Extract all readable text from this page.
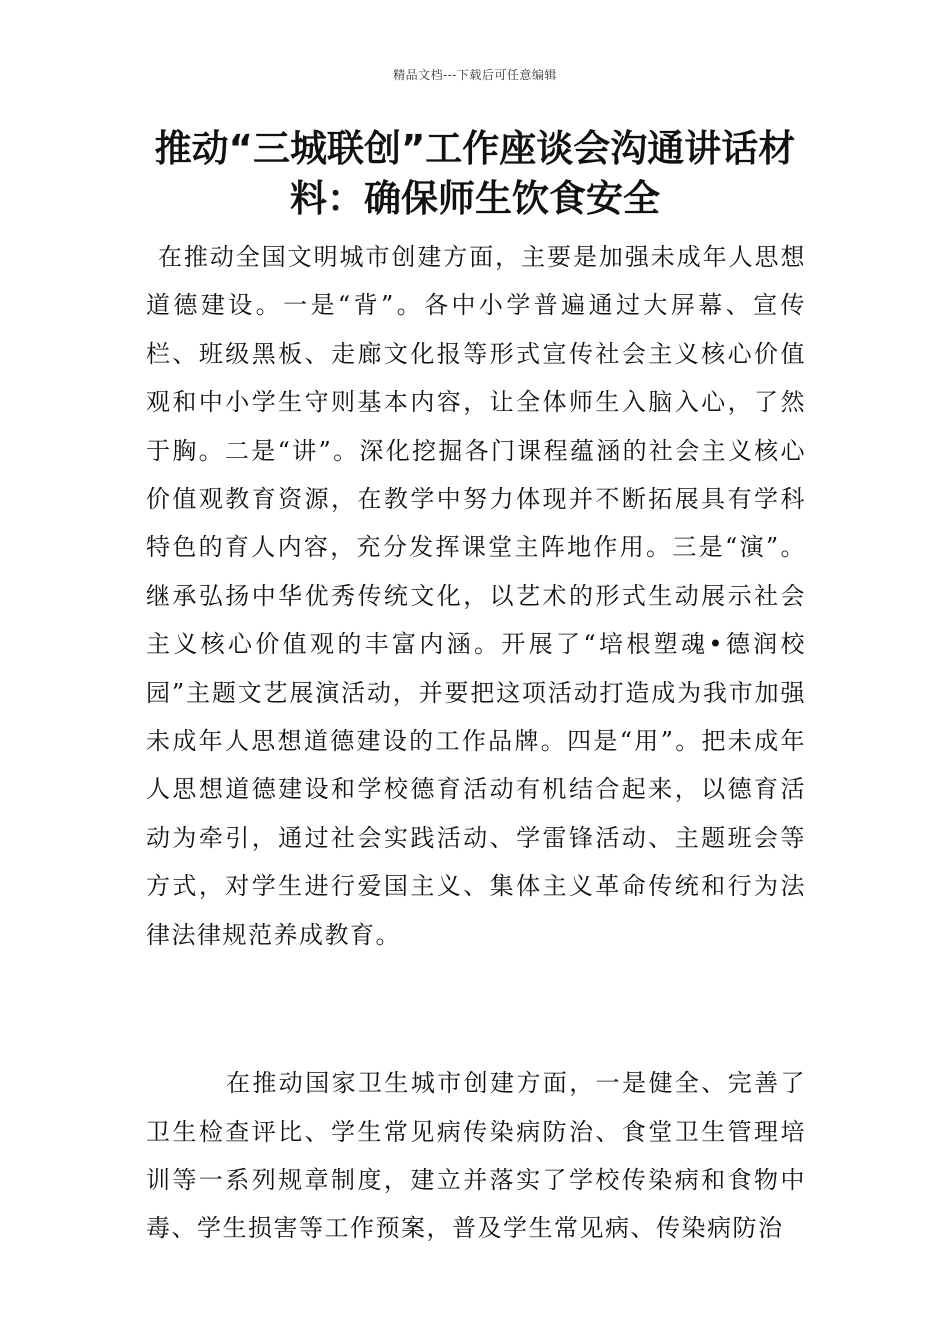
精品文档---下载后可任意编辑
推动“三城联创”工作座谈会沟通讲话材料：确保师生饮食安全

在推动全国文明城市创建方面，主要是加强未成年人思想道德建设。一是“背”。各中小学普遍通过大屏幕、宣传栏、班级黑板、走廊文化报等形式宣传社会主义核心价值观和中小学生守则基本内容，让全体师生入脑入心，了然于胸。二是“讲”。深化挖掘各门课程蕴涵的社会主义核心价值观教育资源，在教学中努力体现并不断拓展具有学科特色的育人内容，充分发挥课堂主阵地作用。三是“演”。继承弘扬中华优秀传统文化，以艺术的形式生动展示社会主义核心价值观的丰富内涵。开展了“培根塑魂•德润校园”主题文艺展演活动，并要把这项活动打造成为我市加强未成年人思想道德建设的工作品牌。四是“用”。把未成年人思想道德建设和学校德育活动有机结合起来，以德育活动为牵引，通过社会实践活动、学雷锋活动、主题班会等方式，对学生进行爱国主义、集体主义革命传统和行为法律法律规范养成教育。

在推动国家卫生城市创建方面，一是健全、完善了卫生检查评比、学生常见病传染病防治、食堂卫生管理培训等一系列规章制度，建立并落实了学校传染病和食物中毒、学生损害等工作预案，普及学生常见病、传染病防治
